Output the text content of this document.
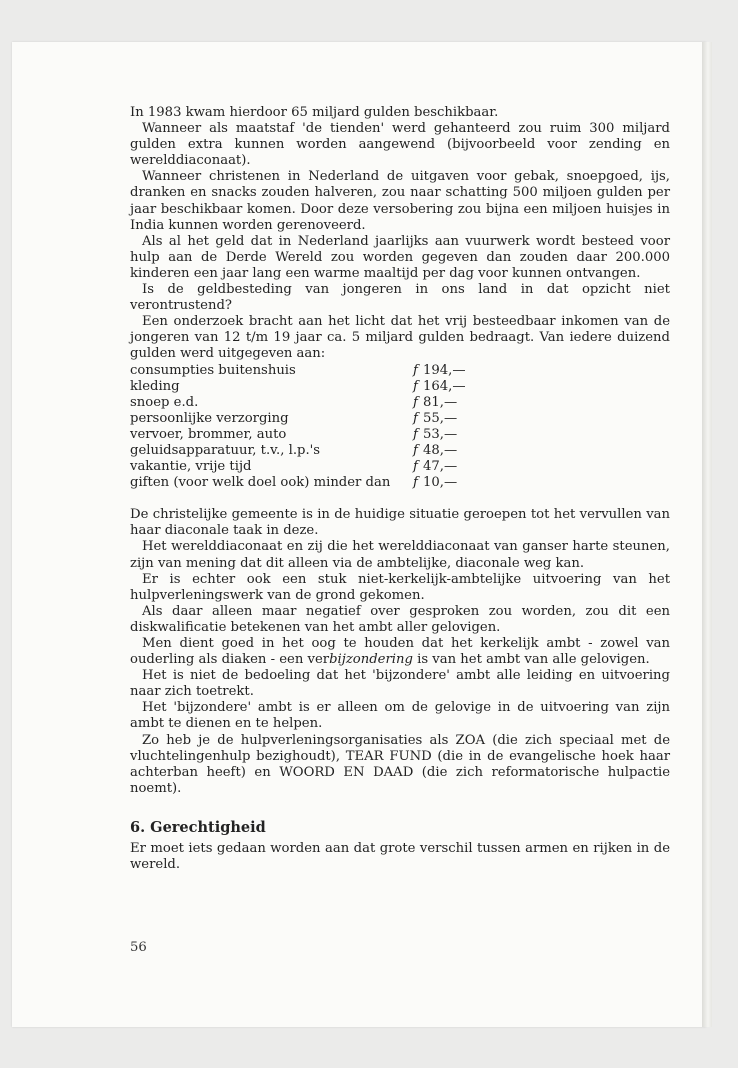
In 1983 kwam hierdoor 65 miljard gulden beschikbaar.

Wanneer als maatstaf 'de tienden' werd gehanteerd zou ruim 300 miljard gulden extra kunnen worden aangewend (bijvoorbeeld voor zending en werelddiaconaat).

Wanneer christenen in Nederland de uitgaven voor gebak, snoepgoed, ijs, dranken en snacks zouden halveren, zou naar schatting 500 miljoen gulden per jaar beschikbaar komen. Door deze versobering zou bijna een miljoen huisjes in India kunnen worden gerenoveerd.

Als al het geld dat in Nederland jaarlijks aan vuurwerk wordt besteed voor hulp aan de Derde Wereld zou worden gegeven dan zouden daar 200.000 kinderen een jaar lang een warme maaltijd per dag voor kunnen ontvangen.

Is de geldbesteding van jongeren in ons land in dat opzicht niet verontrustend?

Een onderzoek bracht aan het licht dat het vrij besteedbaar inkomen van de jongeren van 12 t/m 19 jaar ca. 5 miljard gulden bedraagt. Van iedere duizend gulden werd uitgegeven aan:

consumpties buitenshuis	f	194,—
kleding	f	164,—
snoep e.d.	f	81,—
persoonlijke verzorging	f	55,—
vervoer, brommer, auto	f	53,—
geluidsapparatuur, t.v., l.p.'s	f	48,—
vakantie, vrije tijd	f	47,—
giften (voor welk doel ook) minder dan	f	10,—

De christelijke gemeente is in de huidige situatie geroepen tot het vervullen van haar diaconale taak in deze.

Het werelddiaconaat en zij die het werelddiaconaat van ganser harte steunen, zijn van mening dat dit alleen via de ambtelijke, diaconale weg kan.

Er is echter ook een stuk niet-kerkelijk-ambtelijke uitvoering van het hulpverleningswerk van de grond gekomen.

Als daar alleen maar negatief over gesproken zou worden, zou dit een diskwalificatie betekenen van het ambt aller gelovigen.

Men dient goed in het oog te houden dat het kerkelijk ambt - zowel van ouderling als diaken - een verbijzondering is van het ambt van alle gelovigen.

Het is niet de bedoeling dat het 'bijzondere' ambt alle leiding en uitvoering naar zich toetrekt.

Het 'bijzondere' ambt is er alleen om de gelovige in de uitvoering van zijn ambt te dienen en te helpen.

Zo heb je de hulpverleningsorganisaties als ZOA (die zich speciaal met de vluchtelingenhulp bezighoudt), TEAR FUND (die in de evangelische hoek haar achterban heeft) en WOORD EN DAAD (die zich reformatorische hulpactie noemt).

6. Gerechtigheid

Er moet iets gedaan worden aan dat grote verschil tussen armen en rijken in de wereld.

56
